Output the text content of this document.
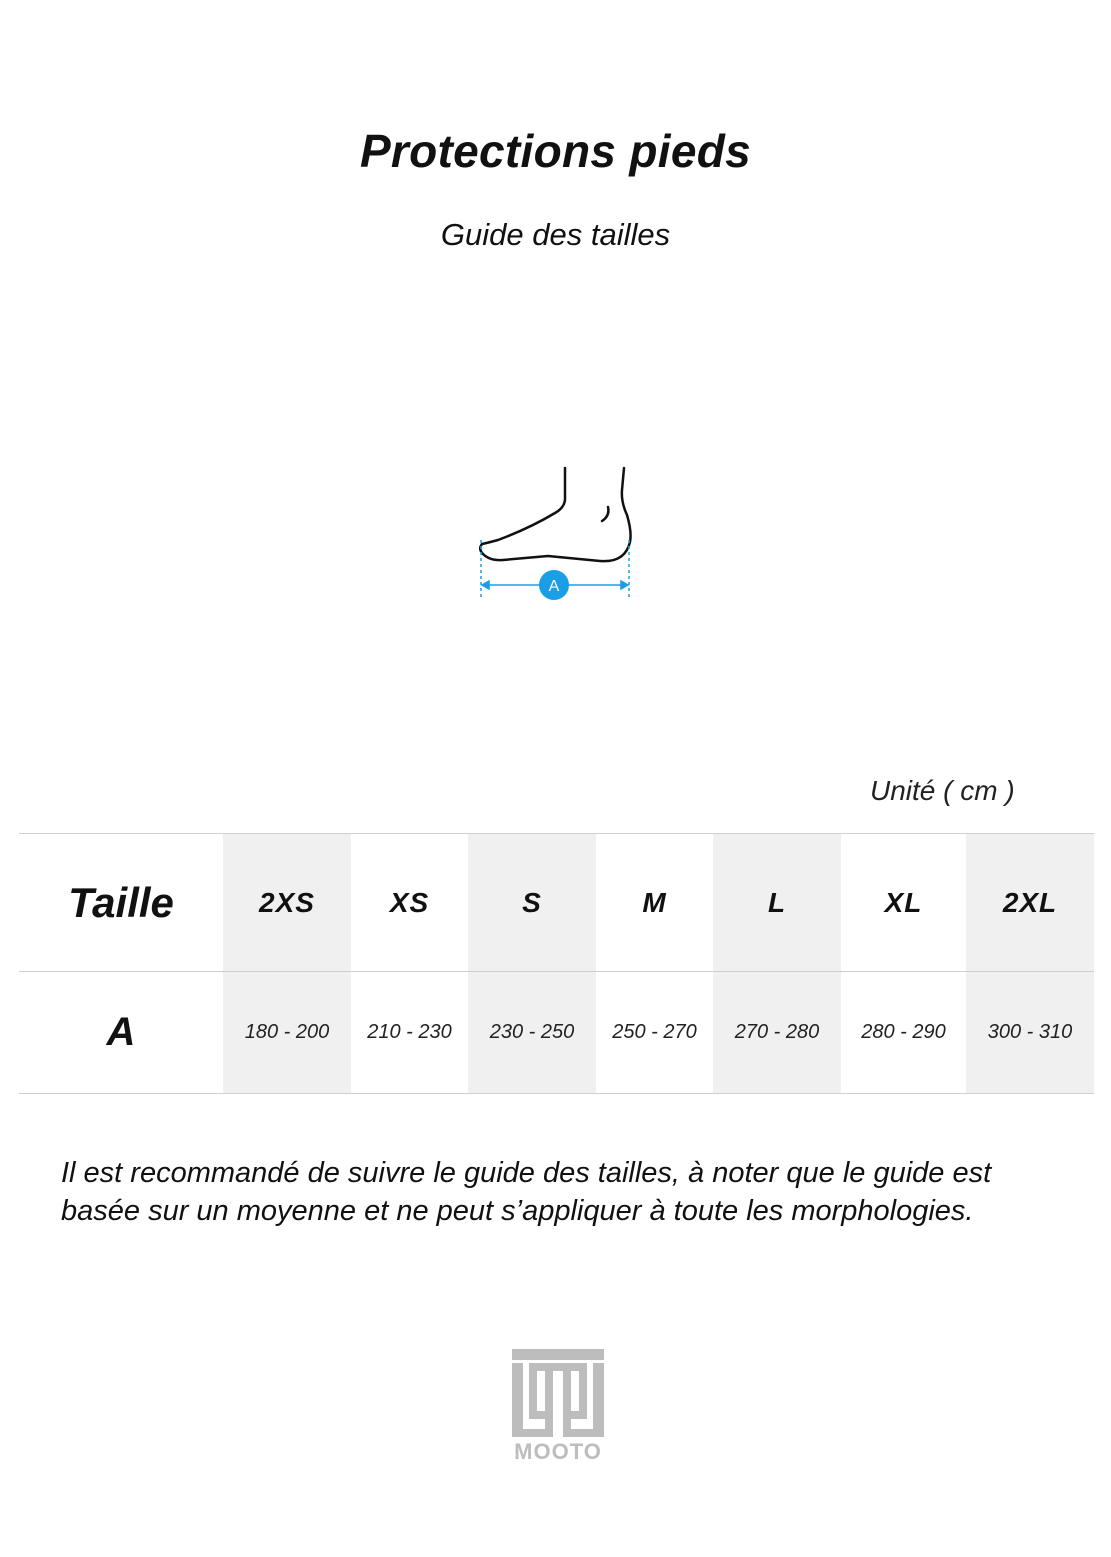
Protections pieds
Guide des tailles
A
Unité ( cm )
Taille	2XS	XS	S	M	L	XL	2XL
A	180 - 200	210 - 230	230 - 250	250 - 270	270 - 280	280 - 290	300 - 310
Il est recommandé de suivre le guide des tailles, à noter que le guide est
basée sur un moyenne et ne peut s’appliquer à toute les morphologies.
MOOTO
